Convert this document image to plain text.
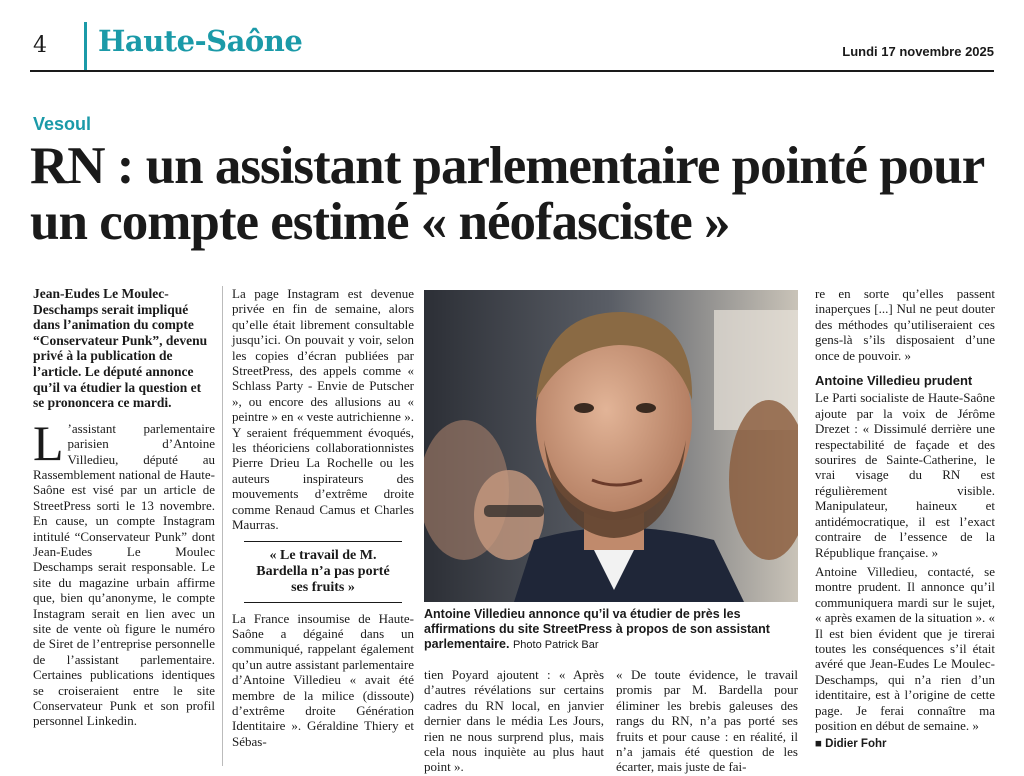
4 Haute-Saône	Lundi 17 novembre 2025
Vesoul
RN : un assistant parlementaire pointé pour un compte estimé « néofasciste »

Jean-Eudes Le Moulec-Deschamps serait impliqué dans l’animation du compte “Conservateur Punk”, devenu privé à la publication de l’article. Le député annonce qu’il va étudier la question et se prononcera ce mardi.

L ’assistant parlementaire parisien d’Antoine Villedieu, député au Rassemblement national de Haute-Saône est visé par un article de StreetPress sorti le 13 novembre. En cause, un compte Instagram intitulé “Conservateur Punk” dont Jean-Eudes Le Moulec Deschamps serait responsable. Le site du magazine urbain affirme que, bien qu’anonyme, le compte Instagram serait en lien avec un site de vente où figure le numéro de Siret de l’entreprise personnelle de l’assistant parlementaire. Certaines publications identiques se croiseraient entre le site Conservateur Punk et son profil personnel Linkedin.

La page Instagram est devenue privée en fin de semaine, alors qu’elle était librement consultable jusqu’ici. On pouvait y voir, selon les copies d’écran publiées par StreetPress, des appels comme « Schlass Party - Envie de Putscher », ou encore des allusions au « peintre » en « veste autrichienne ». Y seraient fréquemment évoqués, les théoriciens collaborationnistes Pierre Drieu La Rochelle ou les auteurs inspirateurs des mouvements d’extrême droite comme Renaud Camus et Charles Maurras.

« Le travail de M. Bardella n’a pas porté ses fruits »

La France insoumise de Haute-Saône a dégainé dans un communiqué, rappelant également qu’un autre assistant parlementaire d’Antoine Villedieu « avait été membre de la milice (dissoute) d’extrême droite Génération Identitaire ». Géraldine Thiery et Sébas-

Antoine Villedieu annonce qu’il va étudier de près les affirmations du site StreetPress à propos de son assistant parlementaire. Photo Patrick Bar
tien Poyard ajoutent : « Après d’autres révélations sur certains cadres du RN local, en janvier dernier dans le média Les Jours, rien ne nous surprend plus, mais cela nous inquiète au plus haut point ».
« De toute évidence, le travail promis par M. Bardella pour éliminer les brebis galeuses des rangs du RN, n’a pas porté ses fruits et pour cause : en réalité, il n’a jamais été question de les écarter, mais juste de fai-

re en sorte qu’elles passent inaperçues [...] Nul ne peut douter des méthodes qu’utiliseraient ces gens-là s’ils disposaient d’une once de pouvoir. »

Antoine Villedieu prudent

Le Parti socialiste de Haute-Saône ajoute par la voix de Jérôme Drezet : « Dissimulé derrière une respectabilité de façade et des sourires de Sainte-Catherine, le vrai visage du RN est régulièrement visible. Manipulateur, haineux et antidémocratique, il est l’exact contraire de l’essence de la République française. »

Antoine Villedieu, contacté, se montre prudent. Il annonce qu’il communiquera mardi sur le sujet, « après examen de la situation ». « Il est bien évident que je tirerai toutes les conséquences s’il était avéré que Jean-Eudes Le Moulec-Deschamps, qui n’a rien d’un identitaire, est à l’origine de cette page. Je ferai connaître ma position en début de semaine. »

■ Didier Fohr
